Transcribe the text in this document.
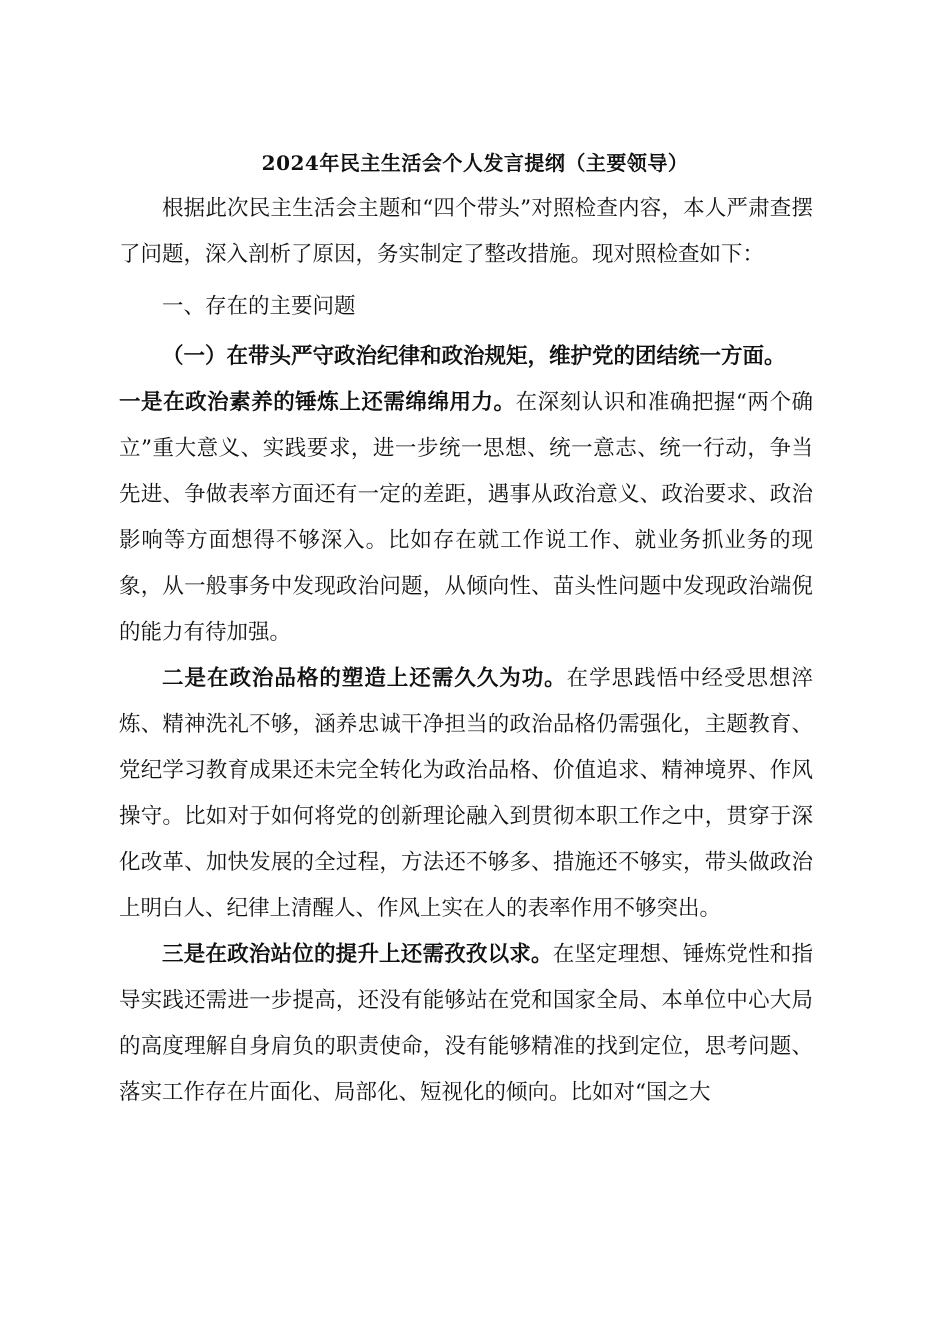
2024年民主生活会个人发言提纲（主要领导）

根据此次民主生活会主题和“四个带头”对照检查内容，本人严肃查摆了问题，深入剖析了原因，务实制定了整改措施。现对照检查如下：

一、存在的主要问题

（一）在带头严守政治纪律和政治规矩，维护党的团结统一方面。

一是在政治素养的锤炼上还需绵绵用力。在深刻认识和准确把握“两个确立”重大意义、实践要求，进一步统一思想、统一意志、统一行动，争当先进、争做表率方面还有一定的差距，遇事从政治意义、政治要求、政治影响等方面想得不够深入。比如存在就工作说工作、就业务抓业务的现象，从一般事务中发现政治问题，从倾向性、苗头性问题中发现政治端倪的能力有待加强。

二是在政治品格的塑造上还需久久为功。在学思践悟中经受思想淬炼、精神洗礼不够，涵养忠诚干净担当的政治品格仍需强化，主题教育、党纪学习教育成果还未完全转化为政治品格、价值追求、精神境界、作风操守。比如对于如何将党的创新理论融入到贯彻本职工作之中，贯穿于深化改革、加快发展的全过程，方法还不够多、措施还不够实，带头做政治上明白人、纪律上清醒人、作风上实在人的表率作用不够突出。

三是在政治站位的提升上还需孜孜以求。在坚定理想、锤炼党性和指导实践还需进一步提高，还没有能够站在党和国家全局、本单位中心大局的高度理解自身肩负的职责使命，没有能够精准的找到定位，思考问题、落实工作存在片面化、局部化、短视化的倾向。比如对“国之大
